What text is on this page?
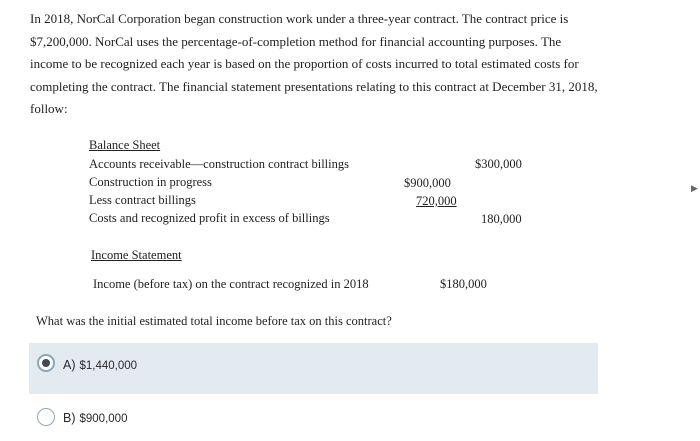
In 2018, NorCal Corporation began construction work under a three-year contract. The contract price is
$7,200,000. NorCal uses the percentage-of-completion method for financial accounting purposes. The
income to be recognized each year is based on the proportion of costs incurred to total estimated costs for
completing the contract. The financial statement presentations relating to this contract at December 31, 2018,
follow:
Balance Sheet
Accounts receivable—construction contract billings	$300,000
Construction in progress	$900,000
Less contract billings	720,000
Costs and recognized profit in excess of billings	180,000
Income Statement
Income (before tax) on the contract recognized in 2018	$180,000
What was the initial estimated total income before tax on this contract?
A) $1,440,000
B) $900,000
▶
